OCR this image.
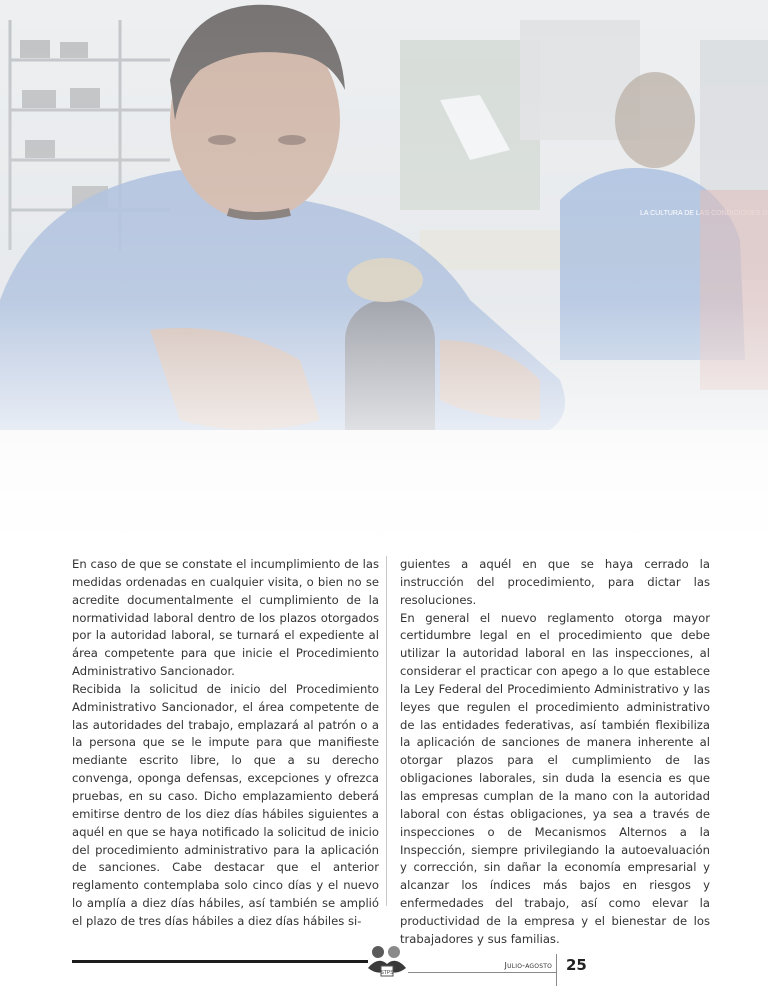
En caso de que se constate el incumplimiento de las medidas ordenadas en cualquier visita, o bien no se acredite documentalmente el cumplimiento de la normatividad laboral dentro de los plazos otorgados por la autoridad laboral, se turnará el expediente al área competente para que inicie el Procedimiento Administrativo Sancionador.

Recibida la solicitud de inicio del Procedimiento Administrativo Sancionador, el área competente de las autoridades del trabajo, emplazará al patrón o a la persona que se le impute para que manifieste mediante escrito libre, lo que a su derecho convenga, oponga defensas, excepciones y ofrezca pruebas, en su caso. Dicho emplazamiento deberá emitirse dentro de los diez días hábiles siguientes a aquél en que se haya notificado la solicitud de inicio del procedimiento administrativo para la aplicación de sanciones. Cabe destacar que el anterior reglamento contemplaba solo cinco días y el nuevo lo amplía a diez días hábiles, así también se amplió el plazo de tres días hábiles a diez días hábiles si-

guientes a aquél en que se haya cerrado la instrucción del procedimiento, para dictar las resoluciones.

En general el nuevo reglamento otorga mayor certidumbre legal en el procedimiento que debe utilizar la autoridad laboral en las inspecciones, al considerar el practicar con apego a lo que establece la Ley Federal del Procedimiento Administrativo y las leyes que regulen el procedimiento administrativo de las entidades federativas, así también flexibiliza la aplicación de sanciones de manera inherente al otorgar plazos para el cumplimiento de las obligaciones laborales, sin duda la esencia es que las empresas cumplan de la mano con la autoridad laboral con éstas obligaciones, ya sea a través de inspecciones o de Mecanismos Alternos a la Inspección, siempre privilegiando la autoevaluación y corrección, sin dañar la economía empresarial y alcanzar los índices más bajos en riesgos y enfermedades del trabajo, así como elevar la productividad de la empresa y el bienestar de los trabajadores y sus familias.

STPS
Julio-agosto 25
